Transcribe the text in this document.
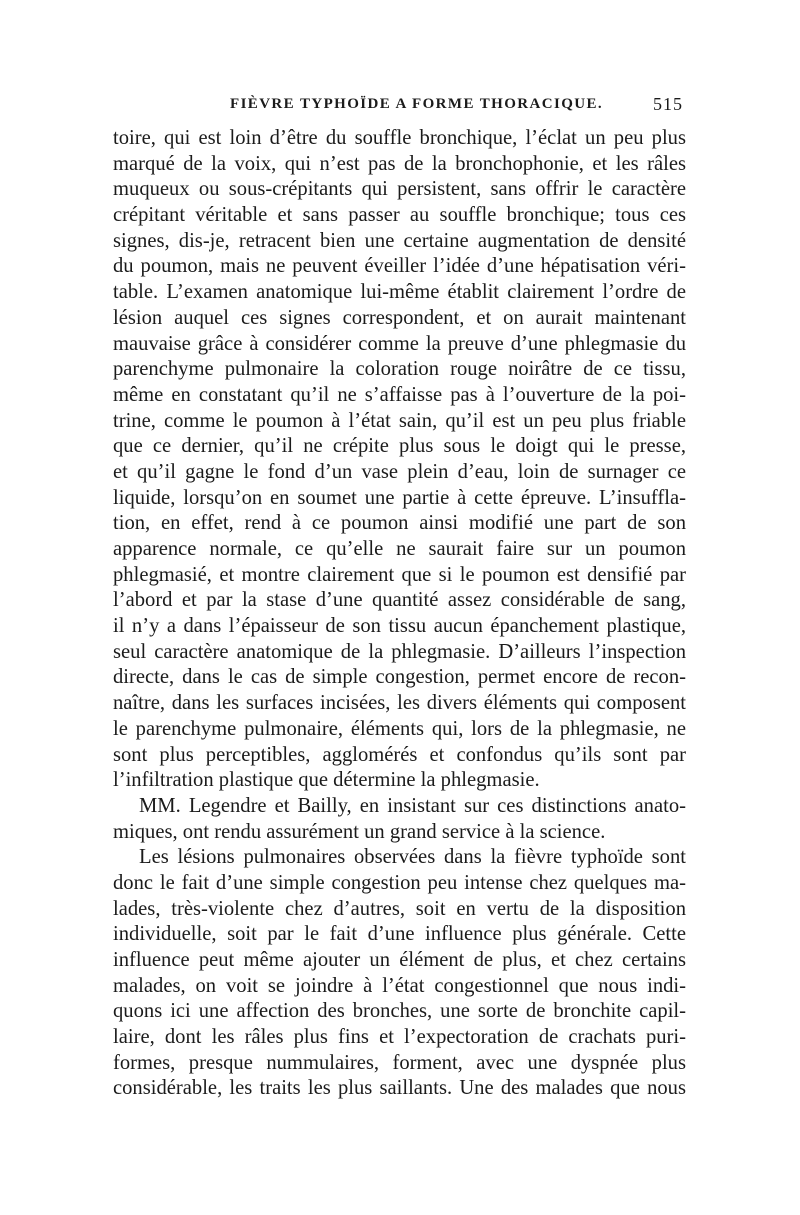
FIÈVRE TYPHOÏDE A FORME THORACIQUE.	515
toire, qui est loin d’être du souffle bronchique, l’éclat un peu plus
marqué de la voix, qui n’est pas de la bronchophonie, et les râles
muqueux ou sous-crépitants qui persistent, sans offrir le caractère
crépitant véritable et sans passer au souffle bronchique; tous ces
signes, dis-je, retracent bien une certaine augmentation de densité
du poumon, mais ne peuvent éveiller l’idée d’une hépatisation véri-
table. L’examen anatomique lui-même établit clairement l’ordre de
lésion auquel ces signes correspondent, et on aurait maintenant
mauvaise grâce à considérer comme la preuve d’une phlegmasie du
parenchyme pulmonaire la coloration rouge noirâtre de ce tissu,
même en constatant qu’il ne s’affaisse pas à l’ouverture de la poi-
trine, comme le poumon à l’état sain, qu’il est un peu plus friable
que ce dernier, qu’il ne crépite plus sous le doigt qui le presse,
et qu’il gagne le fond d’un vase plein d’eau, loin de surnager ce
liquide, lorsqu’on en soumet une partie à cette épreuve. L’insuffla-
tion, en effet, rend à ce poumon ainsi modifié une part de son
apparence normale, ce qu’elle ne saurait faire sur un poumon
phlegmasié, et montre clairement que si le poumon est densifié par
l’abord et par la stase d’une quantité assez considérable de sang,
il n’y a dans l’épaisseur de son tissu aucun épanchement plastique,
seul caractère anatomique de la phlegmasie. D’ailleurs l’inspection
directe, dans le cas de simple congestion, permet encore de recon-
naître, dans les surfaces incisées, les divers éléments qui composent
le parenchyme pulmonaire, éléments qui, lors de la phlegmasie, ne
sont plus perceptibles, agglomérés et confondus qu’ils sont par
l’infiltration plastique que détermine la phlegmasie.
MM. Legendre et Bailly, en insistant sur ces distinctions anato-
miques, ont rendu assurément un grand service à la science.
Les lésions pulmonaires observées dans la fièvre typhoïde sont
donc le fait d’une simple congestion peu intense chez quelques ma-
lades, très-violente chez d’autres, soit en vertu de la disposition
individuelle, soit par le fait d’une influence plus générale. Cette
influence peut même ajouter un élément de plus, et chez certains
malades, on voit se joindre à l’état congestionnel que nous indi-
quons ici une affection des bronches, une sorte de bronchite capil-
laire, dont les râles plus fins et l’expectoration de crachats puri-
formes, presque nummulaires, forment, avec une dyspnée plus
considérable, les traits les plus saillants. Une des malades que nous
